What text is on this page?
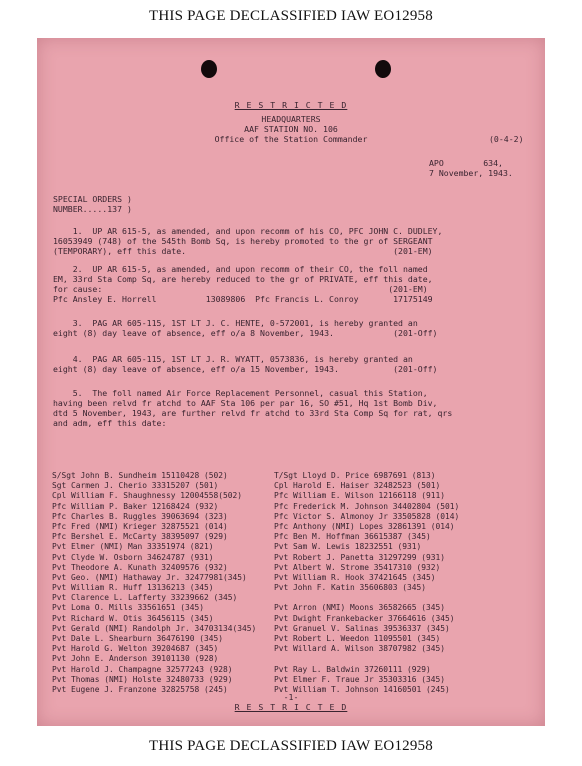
THIS PAGE DECLASSIFIED IAW EO12958
R E S T R I C T E D
HEADQUARTERS
AAF STATION NO. 106
Office of the Station Commander	(0-4-2)
APO        634,
7 November, 1943.
SPECIAL ORDERS )
NUMBER.....137 )
1.  UP AR 615-5, as amended, and upon recomm of his CO, PFC JOHN C. DUDLEY,
16053949 (748) of the 545th Bomb Sq, is hereby promoted to the gr of SERGEANT
(TEMPORARY), eff this date.                                          (201-EM)
2.  UP AR 615-5, as amended, and upon recomm of their CO, the foll named
EM, 33rd Sta Comp Sq, are hereby reduced to the gr of PRIVATE, eff this date,
for cause:                                                          (201-EM)
Pfc Ansley E. Horrell          13089806  Pfc Francis L. Conroy       17175149
3.  PAG AR 605-115, 1ST LT J. C. HENTE, 0-572001, is hereby granted an
eight (8) day leave of absence, eff o/a 8 November, 1943.            (201-Off)
4.  PAG AR 605-115, 1ST LT J. R. WYATT, 0573836, is hereby granted an
eight (8) day leave of absence, eff o/a 15 November, 1943.           (201-Off)
5.  The foll named Air Force Replacement Personnel, casual this Station,
having been relvd fr atchd to AAF Sta 106 per par 16, SO #51, Hq 1st Bomb Div,
dtd 5 November, 1943, are further relvd fr atchd to 33rd Sta Comp Sq for rat, qrs
and adm, eff this date:
-1-
R E S T R I C T E D
S/Sgt John B. Sundheim 15110428 (502)	T/Sgt Lloyd D. Price 6987691 (813)
Sgt Carmen J. Cherio 33315207 (501)	Cpl Harold E. Haiser 32482523 (501)
Cpl William F. Shaughnessy 12004558(502)	Pfc William E. Wilson 12166118 (911)
Pfc William P. Baker 12168424 (932)	Pfc Frederick M. Johnson 34402804 (501)
Pfc Charles B. Ruggles 39063694 (323)	Pfc Victor S. Almonoy Jr 33505828 (014)
Pfc Fred (NMI) Krieger 32875521 (014)	Pfc Anthony (NMI) Lopes 32861391 (014)
Pfc Bershel E. McCarty 38395097 (929)	Pfc Ben M. Hoffman 36615387 (345)
Pvt Elmer (NMI) Man 33351974 (821)	Pvt Sam W. Lewis 18232551 (931)
Pvt Clyde W. Osborn 34624787 (931)	Pvt Robert J. Panetta 31297299 (931)
Pvt Theodore A. Kunath 32409576 (932)	Pvt Albert W. Strome 35417310 (932)
Pvt Geo. (NMI) Hathaway Jr. 32477981(345)	Pvt William R. Hook 37421645 (345)
Pvt William R. Huff 13136213 (345)	Pvt John F. Katin 35606803 (345)
Pvt Clarence L. Lafferty 33239662 (345)
Pvt Loma O. Mills 33561651 (345)	Pvt Arron (NMI) Moons 36582665 (345)
Pvt Richard W. Otis 36456115 (345)	Pvt Dwight Frankebacker 37664616 (345)
Pvt Gerald (NMI) Randolph Jr. 34703134(345)	Pvt Granuel V. Salinas 39536337 (345)
Pvt Dale L. Shearburn 36476190 (345)	Pvt Robert L. Weedon 11095501 (345)
Pvt Harold G. Welton 39204687 (345)	Pvt Willard A. Wilson 38707982 (345)
Pvt John E. Anderson 39101130 (928)
Pvt Harold J. Champagne 32577243 (928)	Pvt Ray L. Baldwin 37260111 (929)
Pvt Thomas (NMI) Holste 32480733 (929)	Pvt Elmer F. Traue Jr 35303316 (345)
Pvt Eugene J. Franzone 32825758 (245)	Pvt William T. Johnson 14160501 (245)
THIS PAGE DECLASSIFIED IAW EO12958
